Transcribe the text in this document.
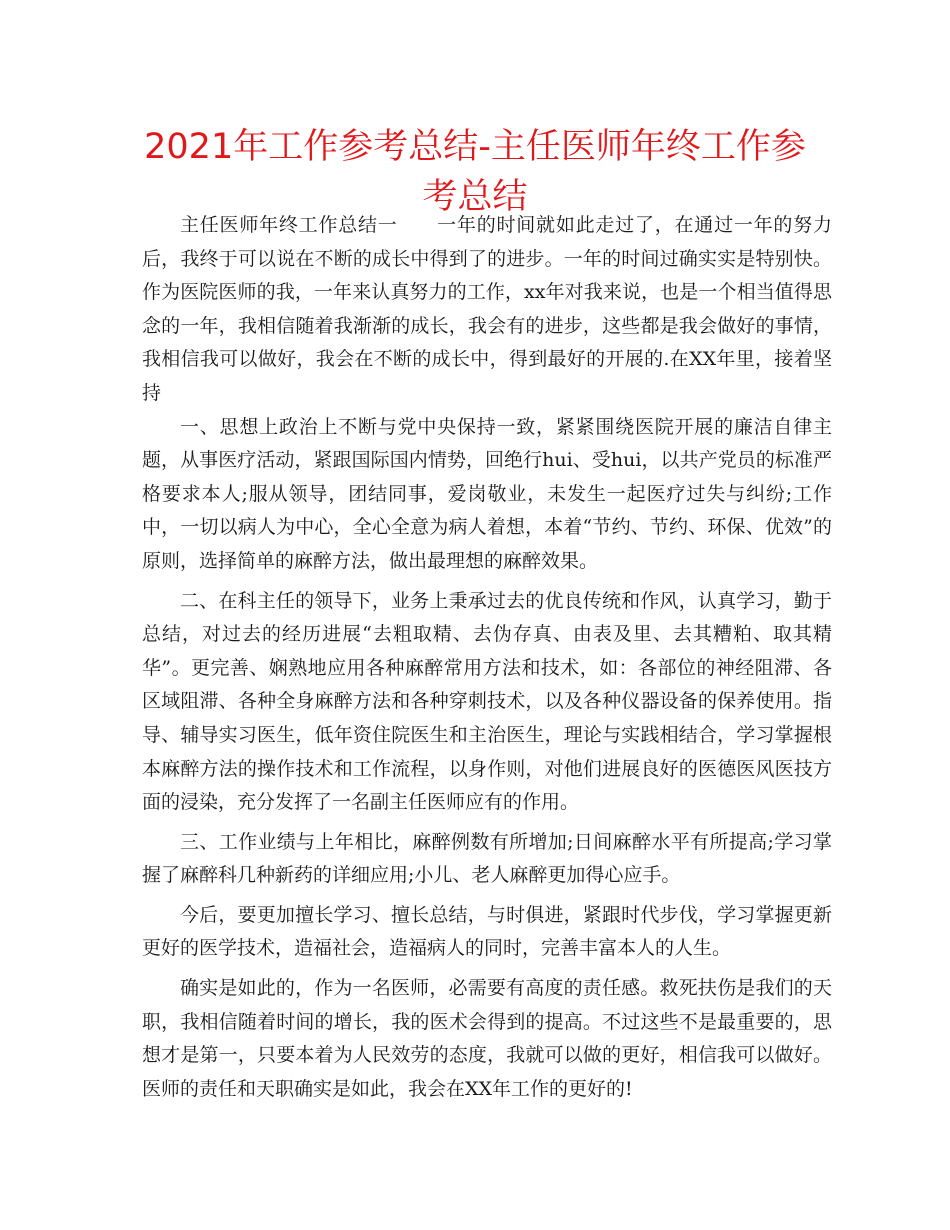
2021年工作参考总结-主任医师年终工作参考总结

主任医师年终工作总结一　　一年的时间就如此走过了，在通过一年的努力后，我终于可以说在不断的成长中得到了的进步。一年的时间过确实实是特别快。作为医院医师的我，一年来认真努力的工作，xx年对我来说，也是一个相当值得思念的一年，我相信随着我渐渐的成长，我会有的进步，这些都是我会做好的事情，我相信我可以做好，我会在不断的成长中，得到最好的开展的.在XX年里，接着坚持

一、思想上政治上不断与党中央保持一致，紧紧围绕医院开展的廉洁自律主题，从事医疗活动，紧跟国际国内情势，回绝行hui、受hui，以共产党员的标准严格要求本人;服从领导，团结同事，爱岗敬业，未发生一起医疗过失与纠纷;工作中，一切以病人为中心，全心全意为病人着想，本着“节约、节约、环保、优效”的原则，选择简单的麻醉方法，做出最理想的麻醉效果。

二、在科主任的领导下，业务上秉承过去的优良传统和作风，认真学习，勤于总结，对过去的经历进展“去粗取精、去伪存真、由表及里、去其糟粕、取其精华”。更完善、娴熟地应用各种麻醉常用方法和技术，如：各部位的神经阻滞、各区域阻滞、各种全身麻醉方法和各种穿刺技术，以及各种仪器设备的保养使用。指导、辅导实习医生，低年资住院医生和主治医生，理论与实践相结合，学习掌握根本麻醉方法的操作技术和工作流程，以身作则，对他们进展良好的医德医风医技方面的浸染，充分发挥了一名副主任医师应有的作用。

三、工作业绩与上年相比，麻醉例数有所增加;日间麻醉水平有所提高;学习掌握了麻醉科几种新药的详细应用;小儿、老人麻醉更加得心应手。

今后，要更加擅长学习、擅长总结，与时俱进，紧跟时代步伐，学习掌握更新更好的医学技术，造福社会，造福病人的同时，完善丰富本人的人生。

确实是如此的，作为一名医师，必需要有高度的责任感。救死扶伤是我们的天职，我相信随着时间的增长，我的医术会得到的提高。不过这些不是最重要的，思想才是第一，只要本着为人民效劳的态度，我就可以做的更好，相信我可以做好。医师的责任和天职确实是如此，我会在XX年工作的更好的!
